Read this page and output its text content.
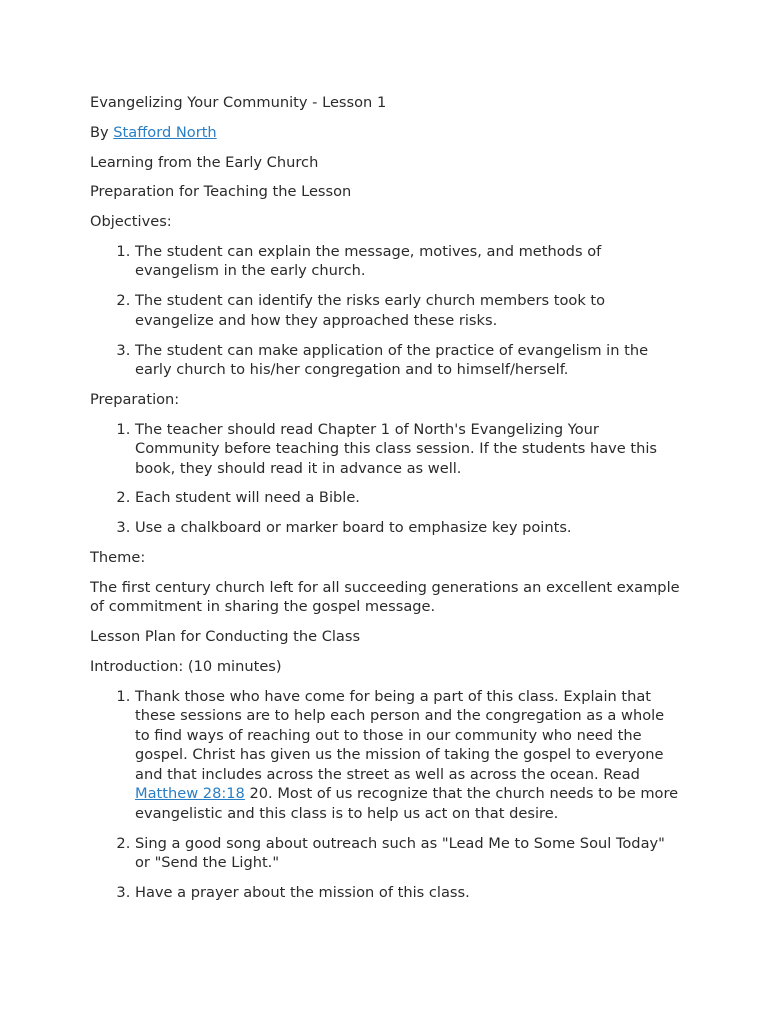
Evangelizing Your Community - Lesson 1

By Stafford North

Learning from the Early Church

Preparation for Teaching the Lesson

Objectives:

1. The student can explain the message, motives, and methods of evangelism in the early church.
2. The student can identify the risks early church members took to evangelize and how they approached these risks.
3. The student can make application of the practice of evangelism in the early church to his/her congregation and to himself/herself.

Preparation:

1. The teacher should read Chapter 1 of North's Evangelizing Your Community before teaching this class session. If the students have this book, they should read it in advance as well.
2. Each student will need a Bible.
3. Use a chalkboard or marker board to emphasize key points.

Theme:

The first century church left for all succeeding generations an excellent example of commitment in sharing the gospel message.

Lesson Plan for Conducting the Class

Introduction: (10 minutes)

1. Thank those who have come for being a part of this class. Explain that these sessions are to help each person and the congregation as a whole to find ways of reaching out to those in our community who need the gospel. Christ has given us the mission of taking the gospel to everyone and that includes across the street as well as across the ocean. Read Matthew 28:18 20. Most of us recognize that the church needs to be more evangelistic and this class is to help us act on that desire.
2. Sing a good song about outreach such as "Lead Me to Some Soul Today" or "Send the Light."
3. Have a prayer about the mission of this class.
